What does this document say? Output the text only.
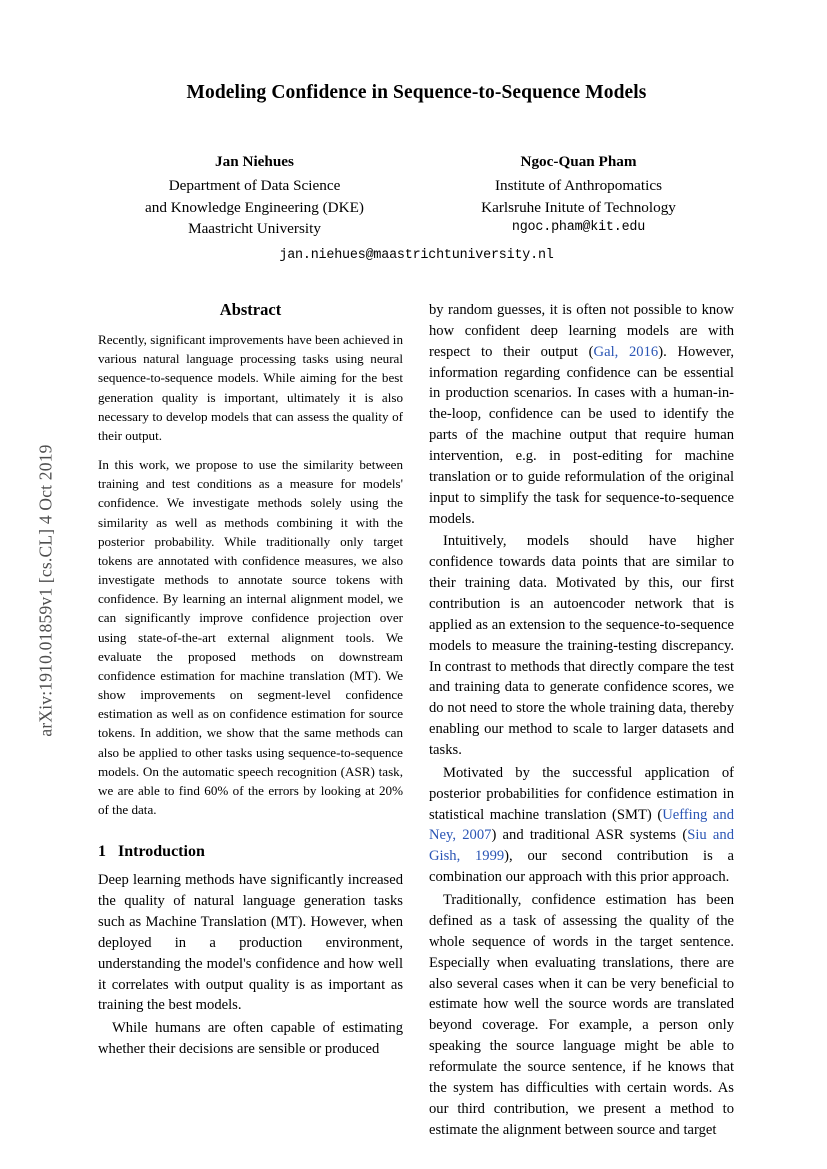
arXiv:1910.01859v1 [cs.CL] 4 Oct 2019
Modeling Confidence in Sequence-to-Sequence Models
Jan Niehues
Department of Data Science
and Knowledge Engineering (DKE)
Maastricht University
Ngoc-Quan Pham
Institute of Anthropomatics
Karlsruhe Initute of Technology
ngoc.pham@kit.edu
jan.niehues@maastrichtuniversity.nl
Abstract

Recently, significant improvements have been achieved in various natural language processing tasks using neural sequence-to-sequence models. While aiming for the best generation quality is important, ultimately it is also necessary to develop models that can assess the quality of their output.

In this work, we propose to use the similarity between training and test conditions as a measure for models' confidence. We investigate methods solely using the similarity as well as methods combining it with the posterior probability. While traditionally only target tokens are annotated with confidence measures, we also investigate methods to annotate source tokens with confidence. By learning an internal alignment model, we can significantly improve confidence projection over using state-of-the-art external alignment tools. We evaluate the proposed methods on downstream confidence estimation for machine translation (MT). We show improvements on segment-level confidence estimation as well as on confidence estimation for source tokens. In addition, we show that the same methods can also be applied to other tasks using sequence-to-sequence models. On the automatic speech recognition (ASR) task, we are able to find 60% of the errors by looking at 20% of the data.

1 Introduction

Deep learning methods have significantly increased the quality of natural language generation tasks such as Machine Translation (MT). However, when deployed in a production environment, understanding the model's confidence and how well it correlates with output quality is as important as training the best models.

While humans are often capable of estimating whether their decisions are sensible or produced

by random guesses, it is often not possible to know how confident deep learning models are with respect to their output (Gal, 2016). However, information regarding confidence can be essential in production scenarios. In cases with a human-in-the-loop, confidence can be used to identify the parts of the machine output that require human intervention, e.g. in post-editing for machine translation or to guide reformulation of the original input to simplify the task for sequence-to-sequence models.

Intuitively, models should have higher confidence towards data points that are similar to their training data. Motivated by this, our first contribution is an autoencoder network that is applied as an extension to the sequence-to-sequence models to measure the training-testing discrepancy. In contrast to methods that directly compare the test and training data to generate confidence scores, we do not need to store the whole training data, thereby enabling our method to scale to larger datasets and tasks.

Motivated by the successful application of posterior probabilities for confidence estimation in statistical machine translation (SMT) (Ueffing and Ney, 2007) and traditional ASR systems (Siu and Gish, 1999), our second contribution is a combination our approach with this prior approach.

Traditionally, confidence estimation has been defined as a task of assessing the quality of the whole sequence of words in the target sentence. Especially when evaluating translations, there are also several cases when it can be very beneficial to estimate how well the source words are translated beyond coverage. For example, a person only speaking the source language might be able to reformulate the source sentence, if he knows that the system has difficulties with certain words. As our third contribution, we present a method to estimate the alignment between source and target
